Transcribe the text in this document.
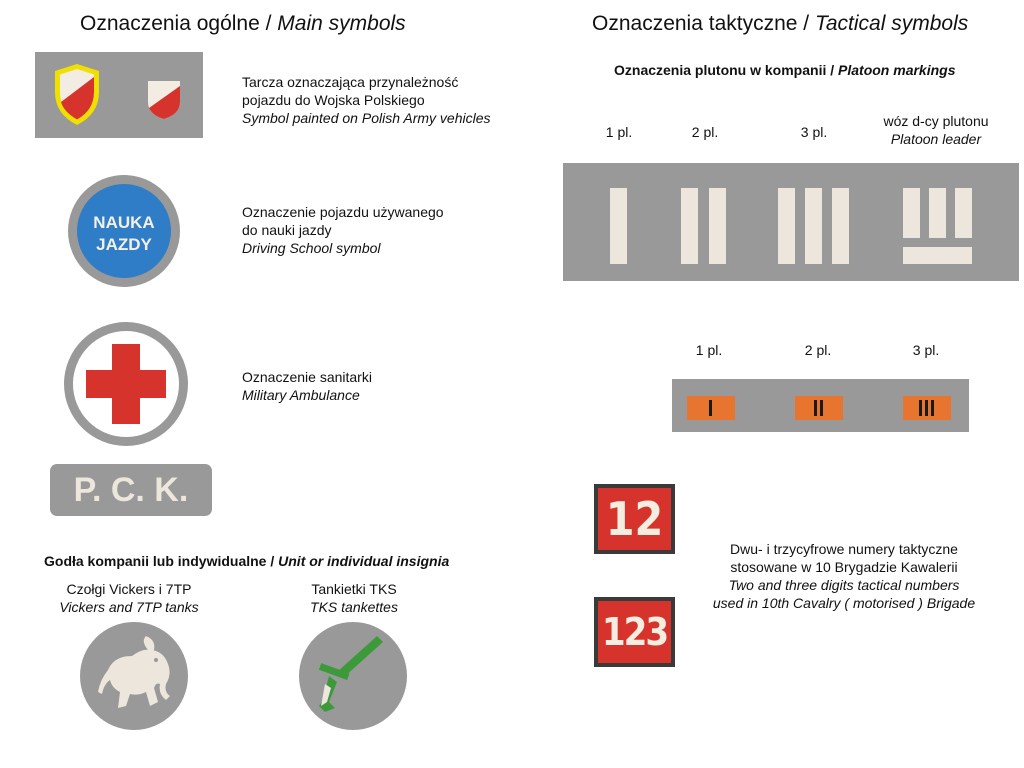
Oznaczenia ogólne / Main symbols
Tarcza oznaczająca przynależność
pojazdu do Wojska Polskiego
Symbol painted on Polish Army vehicles
NAUKA
JAZDY
Oznaczenie pojazdu używanego
do nauki jazdy
Driving School symbol
Oznaczenie sanitarki
Military Ambulance
P. C. K.
Godła kompanii lub indywidualne / Unit or individual insignia
Czołgi Vickers i 7TP
Vickers and 7TP tanks
Tankietki TKS
TKS tankettes
Oznaczenia taktyczne / Tactical symbols
Oznaczenia plutonu w kompanii / Platoon markings
1 pl.	2 pl.	3 pl.
wóz d-cy plutonu
Platoon leader
1 pl.	2 pl.	3 pl.
12
123
Dwu- i trzycyfrowe numery taktyczne
stosowane w 10 Brygadzie Kawalerii
Two and three digits tactical numbers
used in 10th Cavalry ( motorised ) Brigade
